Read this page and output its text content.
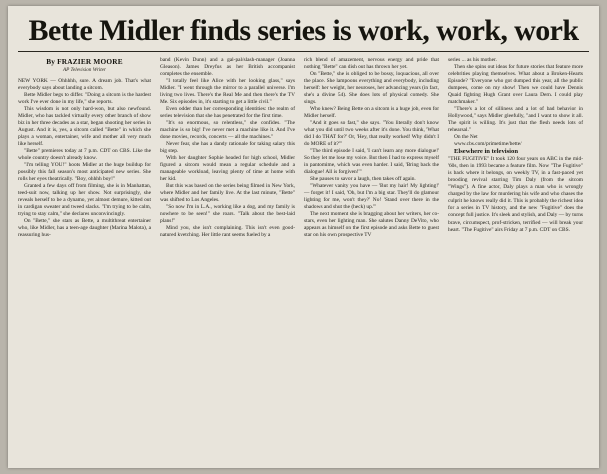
Bette Midler finds series is work, work, work
By FRAZIER MOORE
AP Television Writer

NEW YORK — Ohhhhh, sure. A dream job. That's what everybody says about landing a sitcom.

Bette Midler begs to differ. "Doing a sitcom is the hardest work I've ever done in my life," she reports.

This wisdom is not only hard-won, but also newfound. Midler, who has tackled virtually every other branch of show biz in her three decades as a star, began shooting her series in August. And it is, yes, a sitcom called "Bette" in which she plays a woman, entertainer, wife and mother all very much like herself.

"Bette" premieres today at 7 p.m. CDT on CBS. Like the whole country doesn't already know.

"I'm telling YOU!" hoots Midler at the huge buildup for possibly this fall season's most anticipated new series. She rolls her eyes theatrically. "Boy, ohhhh boy!"

Granted a few days off from filming, she is in Manhattan, teed-suit now, talking up her show. Not surprisingly, she reveals herself to be a dynamo, yet almost demure, kitted out in cardigan sweater and tweed slacks. "I'm trying to be calm, trying to stay calm," she declares unconvincingly.

On "Bette," she stars as Bette, a multithreat entertainer who, like Midler, has a teen-age daughter (Marina Malota), a reassuring hus-

band (Kevin Dunn) and a gal-pal/slash-manager (Joanna Gleason). James Dreyfus as her British accompanist completes the ensemble.

"I totally feel like Alice with her looking glass," says Midler. "I went through the mirror to a parallel universe. I'm living two lives. There's the Real Me and then there's the TV Me. Six episodes in, it's starting to get a little civil."

Even odder than her corresponding identities: the realm of series television that she has penetrated for the first time.

"It's so enormous, so relentless," she confides. "The machine is so big! I've never met a machine like it. And I've done movies, records, concerts — all the machines."

Never fear, she has a dandy rationale for taking salary this big step.

With her daughter Sophie headed for high school, Midler figured a sitcom would mean a regular schedule and a manageable workload, leaving plenty of time at home with her kid.

But this was based on the series being filmed in New York, where Midler and her family live. At the last minute, "Bette" was shifted to Los Angeles.

"So now I'm in L.A., working like a dog, and my family is nowhere to be seen!" she roars. "Talk about the best-laid plans!"

Mind you, she isn't complaining. This isn't even good-natured kvetching. Her little rant seems fueled by a

rich blend of amazement, nervous energy and pride that nothing "Bette" can dish out has thrown her yet.

On "Bette," she is obliged to be bossy, loquacious, all over the place. She lampoons everything and everybody, including herself: her weight, her neuroses, her advancing years (in fact, she's a divine 54). She does lots of physical comedy. She sings.

Who knew? Being Bette on a sitcom is a huge job, even for Midler herself.

"And it goes so fast," she says. "You literally don't know what you did until two weeks after it's done. You think, 'What did I do THAT for?' Or, 'Hey, that really worked! Why didn't I do MORE of it?'"

"The third episode I said, 'I can't learn any more dialogue!' So they let me lose my voice. But then I had to express myself in pantomime, which was even harder. I said, 'Bring back the dialogue! All is forgiven!'"

She pauses to savor a laugh, then takes off again.

"Whatever vanity you have — 'But my hair! My lighting!' — forget it! I said, 'Oh, but I'm a big star. They'll do glamour lighting for me, won't they?' No! 'Stand over there in the shadows and shut the (heck) up.'"

The next moment she is bragging about her writers, her co-stars, even her lighting man. She salutes Danny DeVito, who appears as himself on the first episode and asks Bette to guest star on his own prospective TV

series ... as his mother.

Then she spins out ideas for future stories that feature more celebrities playing themselves. What about a Broken-Hearts Episode? "Everyone who got dumped this year, all the public dumpees, come on my show! Then we could have Dennis Quaid fighting Hugh Grant over Laura Dern. I could play matchmaker."

"There's a lot of silliness and a lot of bad behavior in Hollywood," says Midler gleefully, "and I want to show it all. The spirit is willing. It's just that the flesh needs lots of rehearsal."

On the Net

www.cbs.com/primetime/bette/

Elsewhere in television

"THE FUGITIVE" It took 120 four years on ABC in the mid-'60s, then in 1993 became a feature film. Now "The Fugitive" is back where it belongs, on weekly TV, in a fast-paced yet brooding revival starring Tim Daly (from the sitcom "Wings"). A fine actor, Daly plays a man who is wrongly charged by the law for murdering his wife and who chases the culprit he knows really did it. This is probably the richest idea for a series in TV history, and the new "Fugitive" does the concept full justice. It's sleek and stylish, and Daly — by turns brave, circumspect, prof-stricken, terrified — will break your heart. "The Fugitive" airs Friday at 7 p.m. CDT on CBS.
